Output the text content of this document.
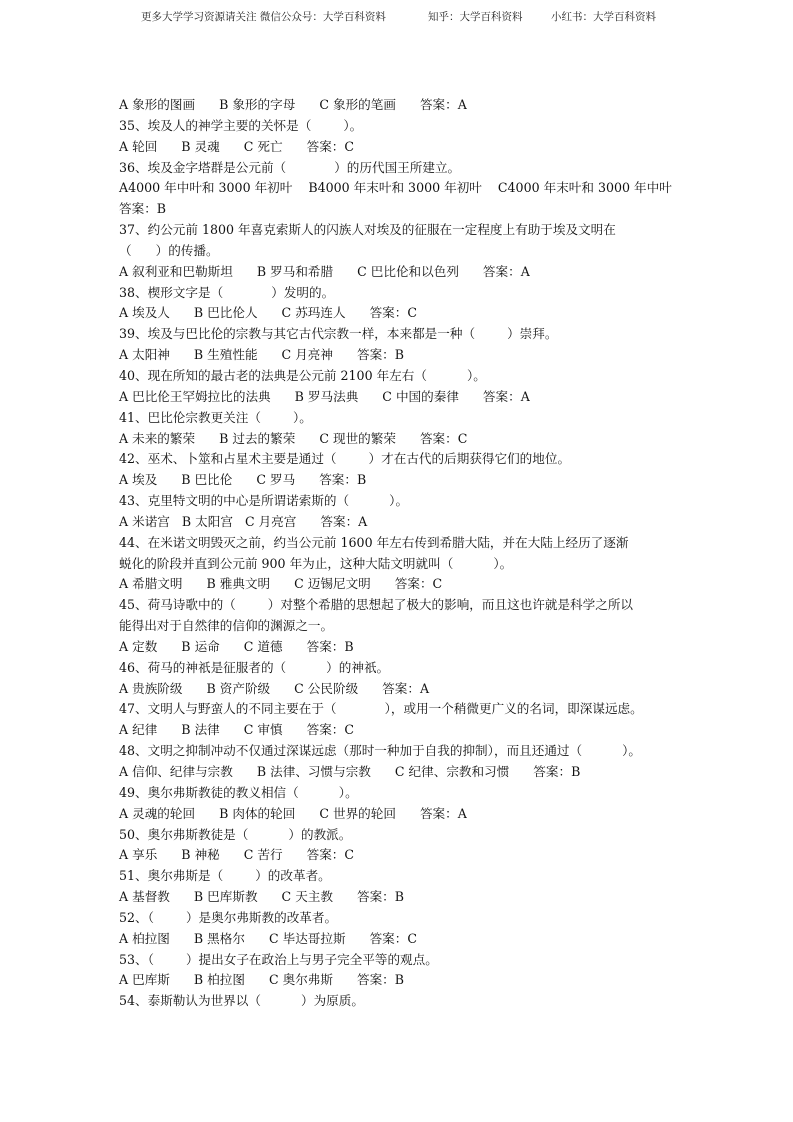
更多大学学习资源请关注 微信公众号：大学百科资料	知乎：大学百科资料	小红书：大学百科资料
A 象形的图画      B 象形的字母      C 象形的笔画      答案：A
35、埃及人的神学主要的关怀是（        ）。
A 轮回      B 灵魂      C 死亡      答案：C
36、埃及金字塔群是公元前（            ）的历代国王所建立。
A4000 年中叶和 3000 年初叶    B4000 年末叶和 3000 年初叶    C4000 年末叶和 3000 年中叶
答案：B
37、约公元前 1800 年喜克索斯人的闪族人对埃及的征服在一定程度上有助于埃及文明在
（      ）的传播。
A 叙利亚和巴勒斯坦      B 罗马和希腊      C 巴比伦和以色列      答案：A
38、楔形文字是（            ）发明的。
A 埃及人      B 巴比伦人      C 苏玛连人      答案：C
39、埃及与巴比伦的宗教与其它古代宗教一样，本来都是一种（        ）崇拜。
A 太阳神      B 生殖性能      C 月亮神      答案：B
40、现在所知的最古老的法典是公元前 2100 年左右（          ）。
A 巴比伦王罕姆拉比的法典      B 罗马法典      C 中国的秦律      答案：A
41、巴比伦宗教更关注（        ）。
A 未来的繁荣      B 过去的繁荣      C 现世的繁荣      答案：C
42、巫术、卜筮和占星术主要是通过（        ）才在古代的后期获得它们的地位。
A 埃及      B 巴比伦      C 罗马      答案：B
43、克里特文明的中心是所谓诺索斯的（          ）。
A 米诺宫   B 太阳宫   C 月亮宫      答案：A
44、在米诺文明毁灭之前，约当公元前 1600 年左右传到希腊大陆，并在大陆上经历了逐渐
蜕化的阶段并直到公元前 900 年为止，这种大陆文明就叫（          ）。
A 希腊文明      B 雅典文明      C 迈锡尼文明      答案：C
45、荷马诗歌中的（        ）对整个希腊的思想起了极大的影响，而且这也许就是科学之所以
能得出对于自然律的信仰的渊源之一。
A 定数      B 运命      C 道德      答案：B
46、荷马的神祇是征服者的（          ）的神祇。
A 贵族阶级      B 资产阶级      C 公民阶级      答案：A
47、文明人与野蛮人的不同主要在于（            ），或用一个稍微更广义的名词，即深谋远虑。
A 纪律      B 法律      C 审慎      答案：C
48、文明之抑制冲动不仅通过深谋远虑（那时一种加于自我的抑制），而且还通过（          ）。
A 信仰、纪律与宗教      B 法律、习惯与宗教      C 纪律、宗教和习惯      答案：B
49、奥尔弗斯教徒的教义相信（          ）。
A 灵魂的轮回      B 肉体的轮回      C 世界的轮回      答案：A
50、奥尔弗斯教徒是（          ）的教派。
A 享乐      B 神秘      C 苦行      答案：C
51、奥尔弗斯是（        ）的改革者。
A 基督教      B 巴库斯教      C 天主教      答案：B
52、（        ）是奥尔弗斯教的改革者。
A 柏拉图      B 黑格尔      C 毕达哥拉斯      答案：C
53、（        ）提出女子在政治上与男子完全平等的观点。
A 巴库斯      B 柏拉图      C 奥尔弗斯      答案：B
54、泰斯勒认为世界以（          ）为原质。
